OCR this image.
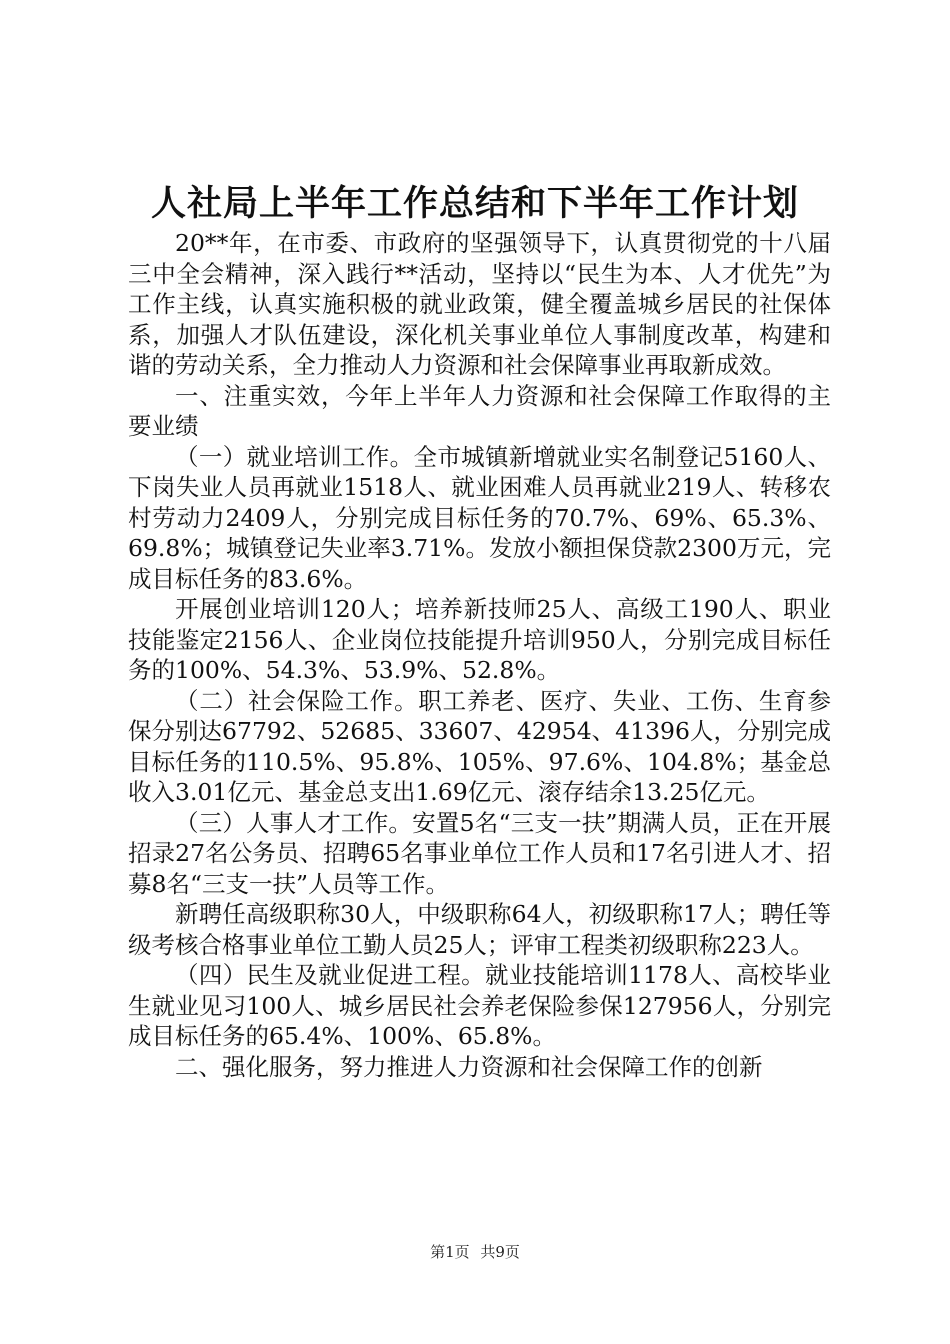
人社局上半年工作总结和下半年工作计划

20**年，在市委、市政府的坚强领导下，认真贯彻党的十八届三中全会精神，深入践行**活动，坚持以“民生为本、人才优先”为工作主线，认真实施积极的就业政策，健全覆盖城乡居民的社保体系，加强人才队伍建设，深化机关事业单位人事制度改革，构建和谐的劳动关系，全力推动人力资源和社会保障事业再取新成效。

一、注重实效，今年上半年人力资源和社会保障工作取得的主要业绩

（一）就业培训工作。全市城镇新增就业实名制登记5160人、下岗失业人员再就业1518人、就业困难人员再就业219人、转移农村劳动力2409人，分别完成目标任务的70.7%、69%、65.3%、69.8%；城镇登记失业率3.71%。发放小额担保贷款2300万元，完成目标任务的83.6%。

开展创业培训120人；培养新技师25人、高级工190人、职业技能鉴定2156人、企业岗位技能提升培训950人，分别完成目标任务的100%、54.3%、53.9%、52.8%。

（二）社会保险工作。职工养老、医疗、失业、工伤、生育参保分别达67792、52685、33607、42954、41396人，分别完成目标任务的110.5%、95.8%、105%、97.6%、104.8%；基金总收入3.01亿元、基金总支出1.69亿元、滚存结余13.25亿元。

（三）人事人才工作。安置5名“三支一扶”期满人员，正在开展招录27名公务员、招聘65名事业单位工作人员和17名引进人才、招募8名“三支一扶”人员等工作。

新聘任高级职称30人，中级职称64人，初级职称17人；聘任等级考核合格事业单位工勤人员25人；评审工程类初级职称223人。

（四）民生及就业促进工程。就业技能培训1178人、高校毕业生就业见习100人、城乡居民社会养老保险参保127956人，分别完成目标任务的65.4%、100%、65.8%。

二、强化服务，努力推进人力资源和社会保障工作的创新

第1页 共9页
